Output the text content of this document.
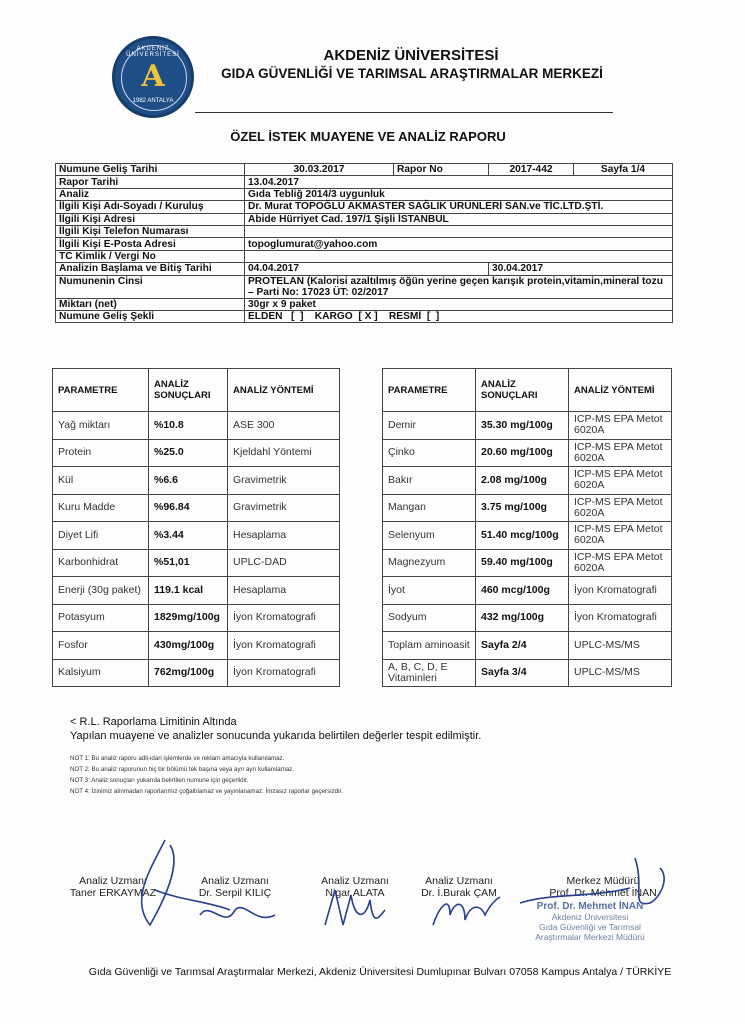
AKDENİZ ÜNİVERSİTESİ
A
1982 ANTALYA
AKDENİZ ÜNİVERSİTESİ
GIDA GÜVENLİĞİ VE TARIMSAL ARAŞTIRMALAR MERKEZİ
ÖZEL İSTEK MUAYENE VE ANALİZ RAPORU
Numune Geliş Tarihi	30.03.2017	Rapor No	2017-442	Sayfa 1/4
Rapor Tarihi	13.04.2017			
Analiz	Gıda Tebliğ 2014/3 uygunluk			
İlgili Kişi Adı-Soyadı / Kuruluş	Dr. Murat TOPOĞLU AKMASTER SAĞLIK ÜRÜNLERİ SAN.ve TİC.LTD.ŞTİ.			
İlgili Kişi Adresi	Abide Hürriyet Cad. 197/1 Şişli İSTANBUL			
İlgili Kişi Telefon Numarası				
İlgili Kişi E-Posta Adresi	topoglumurat@yahoo.com			
TC Kimlik / Vergi No				
Analizin Başlama ve Bitiş Tarihi	04.04.2017		30.04.2017	
Numunenin Cinsi	PROTELAN (Kalorisi azaltılmış öğün yerine geçen karışık protein,vitamin,mineral tozu – Parti No: 17023 ÜT: 02/2017			
Miktarı (net)	30gr x 9 paket			
Numune Geliş Şekli	ELDEN   [  ]    KARGO  [ X ]    RESMİ  [  ]			
PARAMETRE	ANALİZ SONUÇLARI	ANALİZ YÖNTEMİ
Yağ miktarı	%10.8	ASE 300
Protein	%25.0	Kjeldahl Yöntemi
Kül	%6.6	Gravimetrik
Kuru Madde	%96.84	Gravimetrik
Diyet Lifi	%3.44	Hesaplama
Karbonhidrat	%51,01	UPLC-DAD
Enerji (30g paket)	119.1 kcal	Hesaplama
Potasyum	1829mg/100g	İyon Kromatografi
Fosfor	430mg/100g	İyon Kromatografi
Kalsiyum	762mg/100g	İyon Kromatografi
PARAMETRE	ANALİZ SONUÇLARI	ANALİZ YÖNTEMİ
Demir	35.30 mg/100g	ICP-MS EPA Metot 6020A
Çinko	20.60 mg/100g	ICP-MS EPA Metot 6020A
Bakır	2.08 mg/100g	ICP-MS EPA Metot 6020A
Mangan	3.75 mg/100g	ICP-MS EPA Metot 6020A
Selenyum	51.40 mcg/100g	ICP-MS EPA Metot 6020A
Magnezyum	59.40 mg/100g	ICP-MS EPA Metot 6020A
İyot	460 mcg/100g	İyon Kromatografi
Sodyum	432 mg/100g	İyon Kromatografi
Toplam aminoasit	Sayfa 2/4	UPLC-MS/MS
A, B, C, D, E Vitaminleri	Sayfa 3/4	UPLC-MS/MS
< R.L. Raporlama Limitinin Altında
Yapılan muayene ve analizler sonucunda yukarıda belirtilen değerler tespit edilmiştir.
NOT 1: Bu analiz raporu adli-idari işlemlerde ve reklam amacıyla kullanılamaz.
NOT 2: Bu analiz raporunun hiç bir bölümü tek başına veya ayrı ayrı kullanılamaz.
NOT 3: Analiz sonuçları yukarıda belirtilen numune için geçerlidir.
NOT 4: İzinimiz alınmadan raporlarımız çoğaltılamaz ve yayınlanamaz. İmzasız raporlar geçersizdir.
Analiz Uzmanı
Taner ERKAYMAZ
Analiz Uzmanı
Dr. Serpil KILIÇ
Analiz Uzmanı
Nigar ALATA
Analiz Uzmanı
Dr. İ.Burak ÇAM
Merkez Müdürü
Prof. Dr. Mehmet İNAN
Prof. Dr. Mehmet İNAN
Akdeniz Üniversitesi
Gıda Güvenliği ve Tarımsal
Araştırmalar Merkezi Müdürü
Gıda Güvenliği ve Tarımsal Araştırmalar Merkezi, Akdeniz Üniversitesi Dumlupınar Bulvarı 07058 Kampus Antalya / TÜRKİYE
